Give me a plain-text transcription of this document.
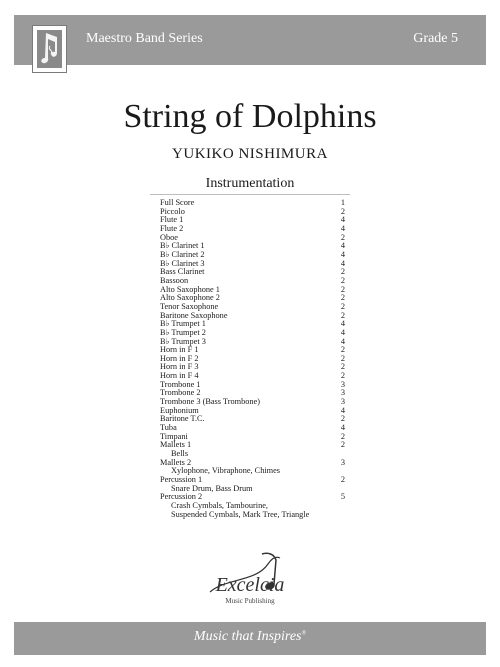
Maestro Band Series	Grade 5
String of Dolphins
YUKIKO NISHIMURA
Instrumentation
Full Score	1
Piccolo	2
Flute 1	4
Flute 2	4
Oboe	2
B♭ Clarinet 1	4
B♭ Clarinet 2	4
B♭ Clarinet 3	4
Bass Clarinet	2
Bassoon	2
Alto Saxophone 1	2
Alto Saxophone 2	2
Tenor Saxophone	2
Baritone Saxophone	2
B♭ Trumpet 1	4
B♭ Trumpet 2	4
B♭ Trumpet 3	4
Horn in F 1	2
Horn in F 2	2
Horn in F 3	2
Horn in F 4	2
Trombone 1	3
Trombone 2	3
Trombone 3 (Bass Trombone)	3
Euphonium	4
Baritone T.C.	2
Tuba	4
Timpani	2
Mallets 1	2
Bells
Mallets 2	3
Xylophone, Vibraphone, Chimes
Percussion 1	2
Snare Drum, Bass Drum
Percussion 2	5
Crash Cymbals, Tambourine,
Suspended Cymbals, Mark Tree, Triangle
Excelcia
Music Publishing
Music that Inspires®
